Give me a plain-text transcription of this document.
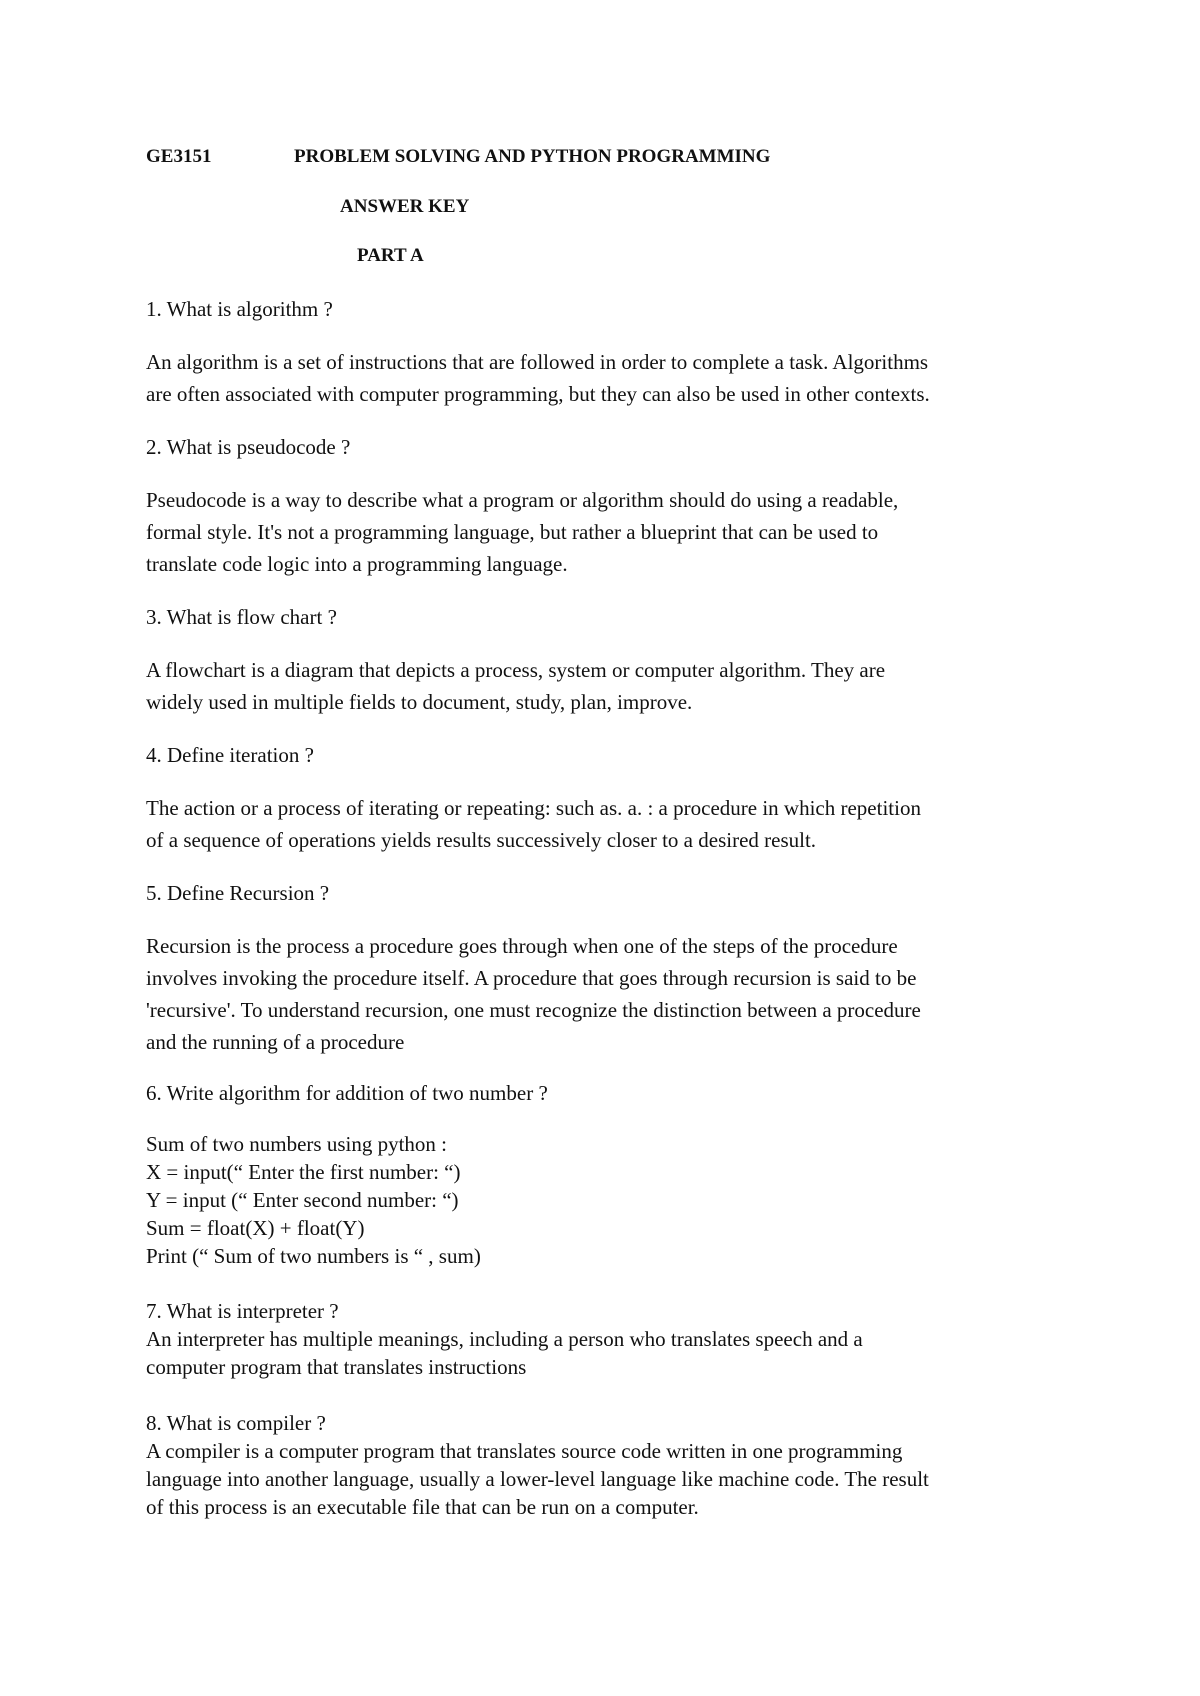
GE3151	PROBLEM SOLVING AND PYTHON PROGRAMMING
ANSWER KEY
PART A
1. What is algorithm ?
An algorithm is a set of instructions that are followed in order to complete a task. Algorithms
are often associated with computer programming, but they can also be used in other contexts.
2. What is pseudocode ?
Pseudocode is a way to describe what a program or algorithm should do using a readable,
formal style. It's not a programming language, but rather a blueprint that can be used to
translate code logic into a programming language.
3. What is flow chart ?
A flowchart is a diagram that depicts a process, system or computer algorithm. They are
widely used in multiple fields to document, study, plan, improve.
4. Define iteration ?
The action or a process of iterating or repeating: such as. a. : a procedure in which repetition
of a sequence of operations yields results successively closer to a desired result.
5. Define Recursion ?
Recursion is the process a procedure goes through when one of the steps of the procedure
involves invoking the procedure itself. A procedure that goes through recursion is said to be
'recursive'. To understand recursion, one must recognize the distinction between a procedure
and the running of a procedure
6. Write algorithm for addition of two number ?
Sum of two numbers using python :
X = input(“ Enter the first number: “)
Y = input (“ Enter second number: “)
Sum = float(X) + float(Y)
Print (“ Sum of two numbers is “ , sum)
7. What is interpreter ?
An interpreter has multiple meanings, including a person who translates speech and a
computer program that translates instructions
8. What is compiler ?
A compiler is a computer program that translates source code written in one programming
language into another language, usually a lower-level language like machine code. The result
of this process is an executable file that can be run on a computer.
